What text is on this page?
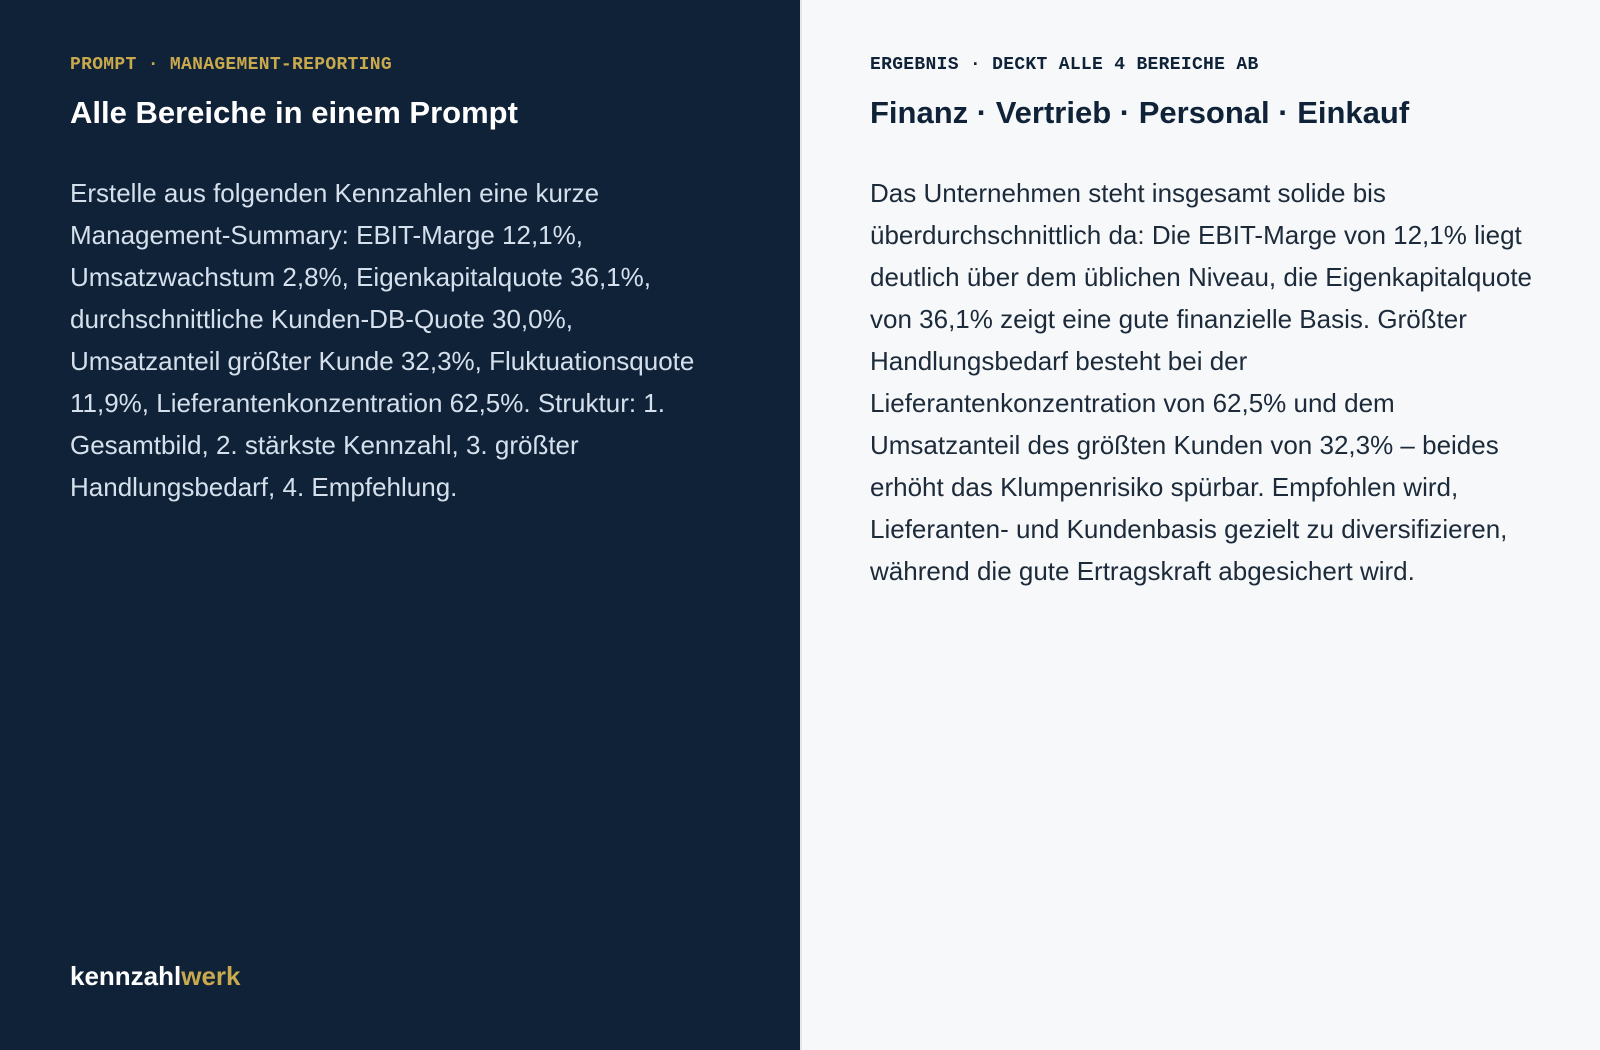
PROMPT · MANAGEMENT-REPORTING

Alle Bereiche in einem Prompt

Erstelle aus folgenden Kennzahlen eine kurze Management-Summary: EBIT-Marge 12,1%, Umsatzwachstum 2,8%, Eigenkapitalquote 36,1%, durchschnittliche Kunden-DB-Quote 30,0%, Umsatzanteil größter Kunde 32,3%, Fluktuationsquote 11,9%, Lieferantenkonzentration 62,5%. Struktur: 1. Gesamtbild, 2. stärkste Kennzahl, 3. größter Handlungsbedarf, 4. Empfehlung.

kennzahlwerk

ERGEBNIS · DECKT ALLE 4 BEREICHE AB

Finanz · Vertrieb · Personal · Einkauf

Das Unternehmen steht insgesamt solide bis überdurchschnittlich da: Die EBIT-Marge von 12,1% liegt deutlich über dem üblichen Niveau, die Eigenkapitalquote von 36,1% zeigt eine gute finanzielle Basis. Größter Handlungsbedarf besteht bei der Lieferantenkonzentration von 62,5% und dem Umsatzanteil des größten Kunden von 32,3% – beides erhöht das Klumpenrisiko spürbar. Empfohlen wird, Lieferanten- und Kundenbasis gezielt zu diversifizieren, während die gute Ertragskraft abgesichert wird.
